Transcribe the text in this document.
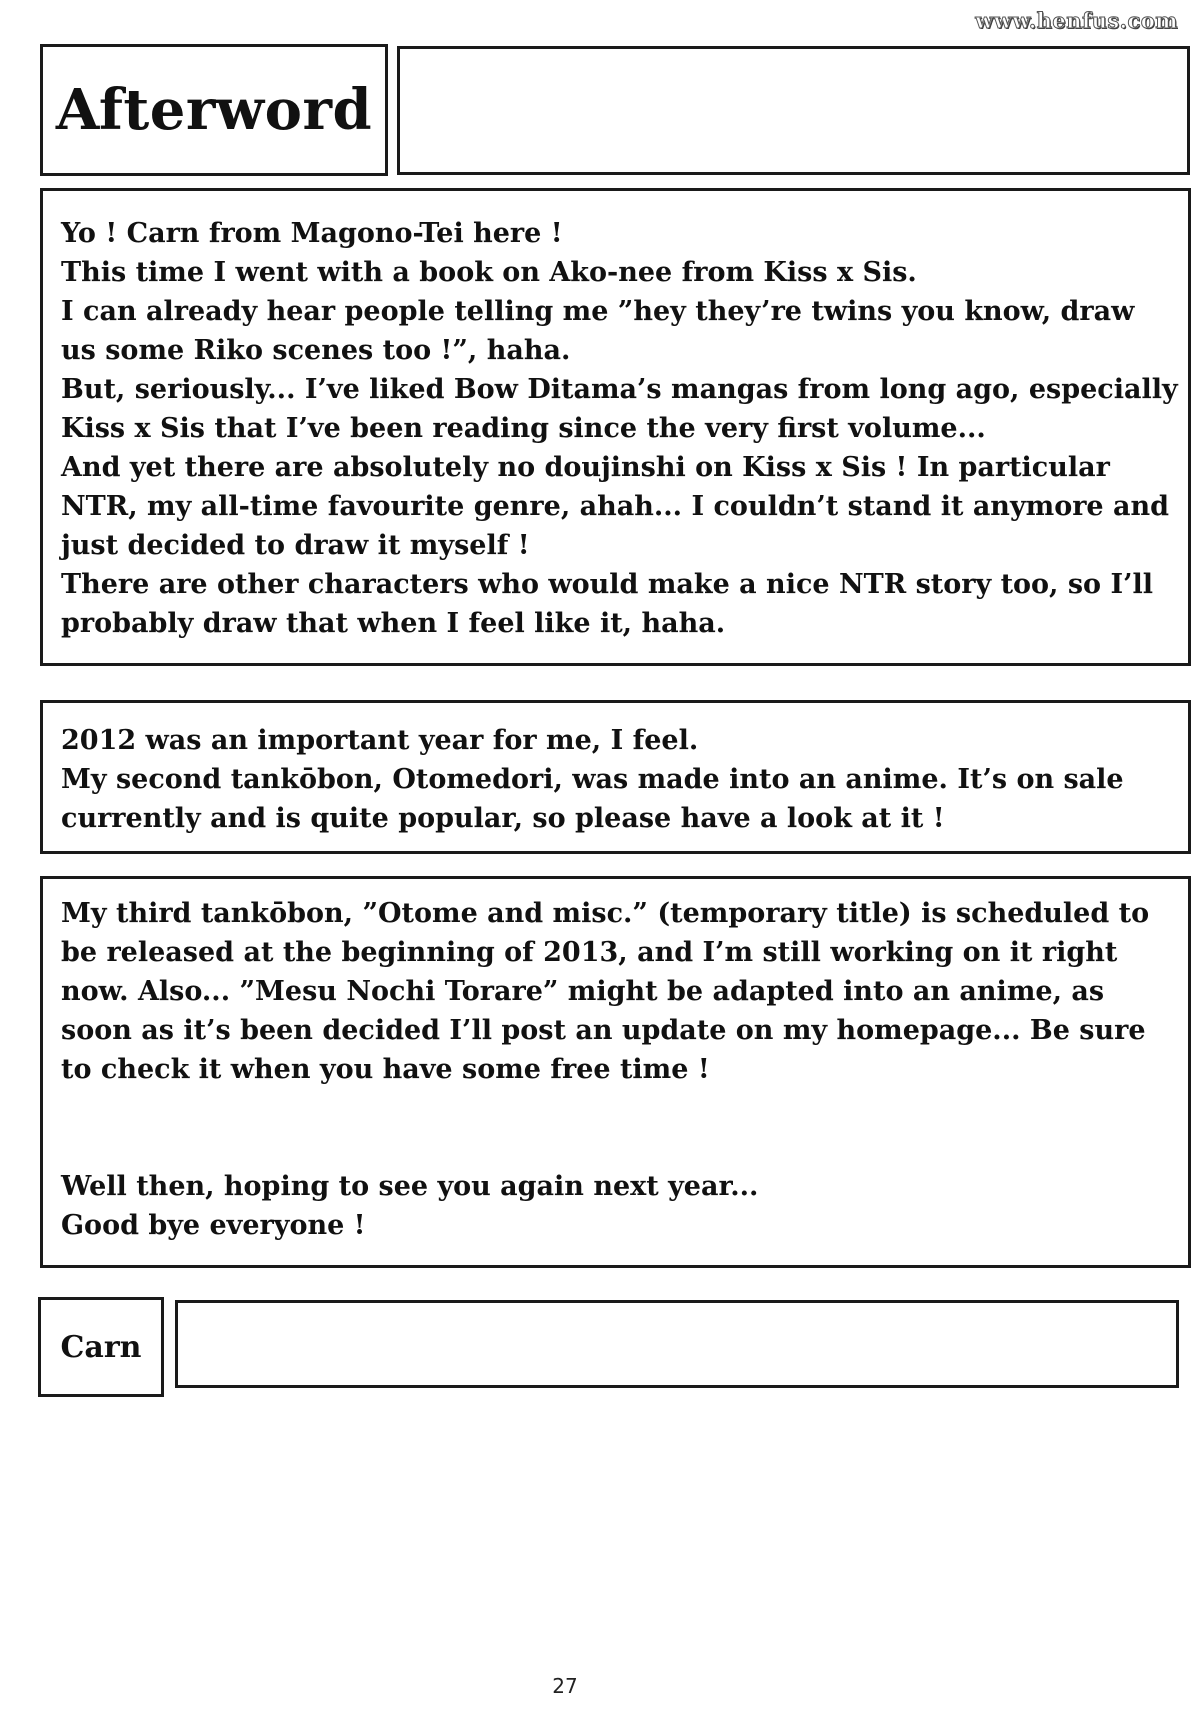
www.henfus.com
Afterword

Yo ! Carn from Magono-Tei here !
This time I went with a book on Ako-nee from Kiss x Sis.
I can already hear people telling me ”hey they’re twins you know, draw
us some Riko scenes too !”, haha.
But, seriously... I’ve liked Bow Ditama’s mangas from long ago, especially
Kiss x Sis that I’ve been reading since the very first volume...
And yet there are absolutely no doujinshi on Kiss x Sis ! In particular
NTR, my all-time favourite genre, ahah... I couldn’t stand it anymore and
just decided to draw it myself !
There are other characters who would make a nice NTR story too, so I’ll
probably draw that when I feel like it, haha.

2012 was an important year for me, I feel.
My second tankōbon, Otomedori, was made into an anime. It’s on sale
currently and is quite popular, so please have a look at it !

My third tankōbon, ”Otome and misc.” (temporary title) is scheduled to
be released at the beginning of 2013, and I’m still working on it right
now. Also... ”Mesu Nochi Torare” might be adapted into an anime, as
soon as it’s been decided I’ll post an update on my homepage... Be sure
to check it when you have some free time !

Well then, hoping to see you again next year...
Good bye everyone !

Carn
27
